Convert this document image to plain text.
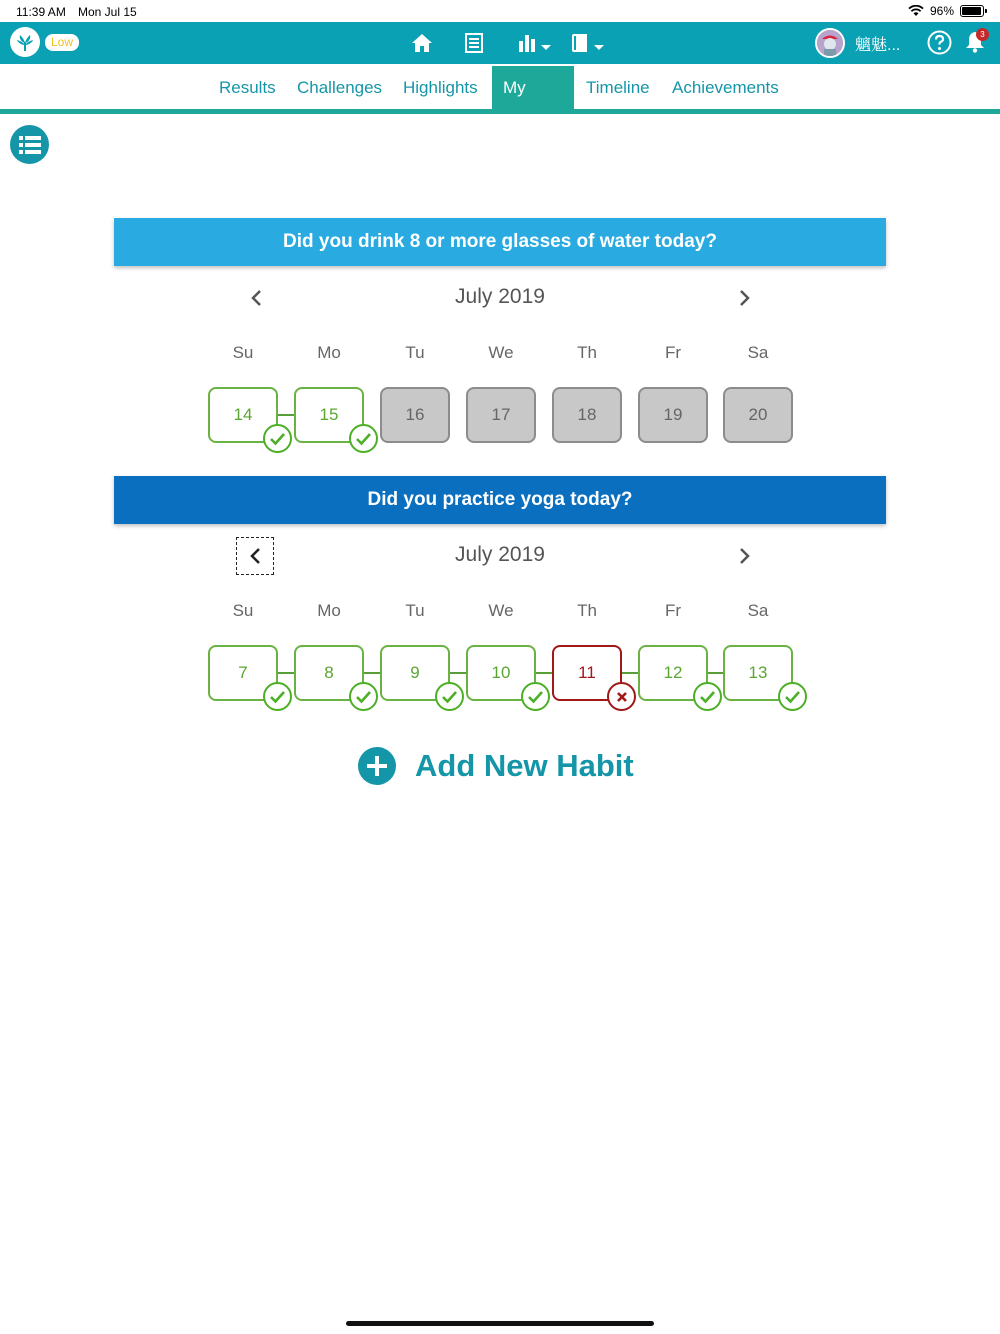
11:39 AM Mon Jul 15	96%
Low	魑魅...
3
Results	Challenges	Highlights	My Plan
Timeline	Achievements
Did you drink 8 or more glasses of water today?
July 2019
Su	Mo	Tu	We	Th	Fr	Sa
14	15	16	17	18	19	20
Did you practice yoga today?
July 2019
Su	Mo	Tu	We	Th	Fr	Sa
7	8	9	10	11	12	13
Add New Habit
